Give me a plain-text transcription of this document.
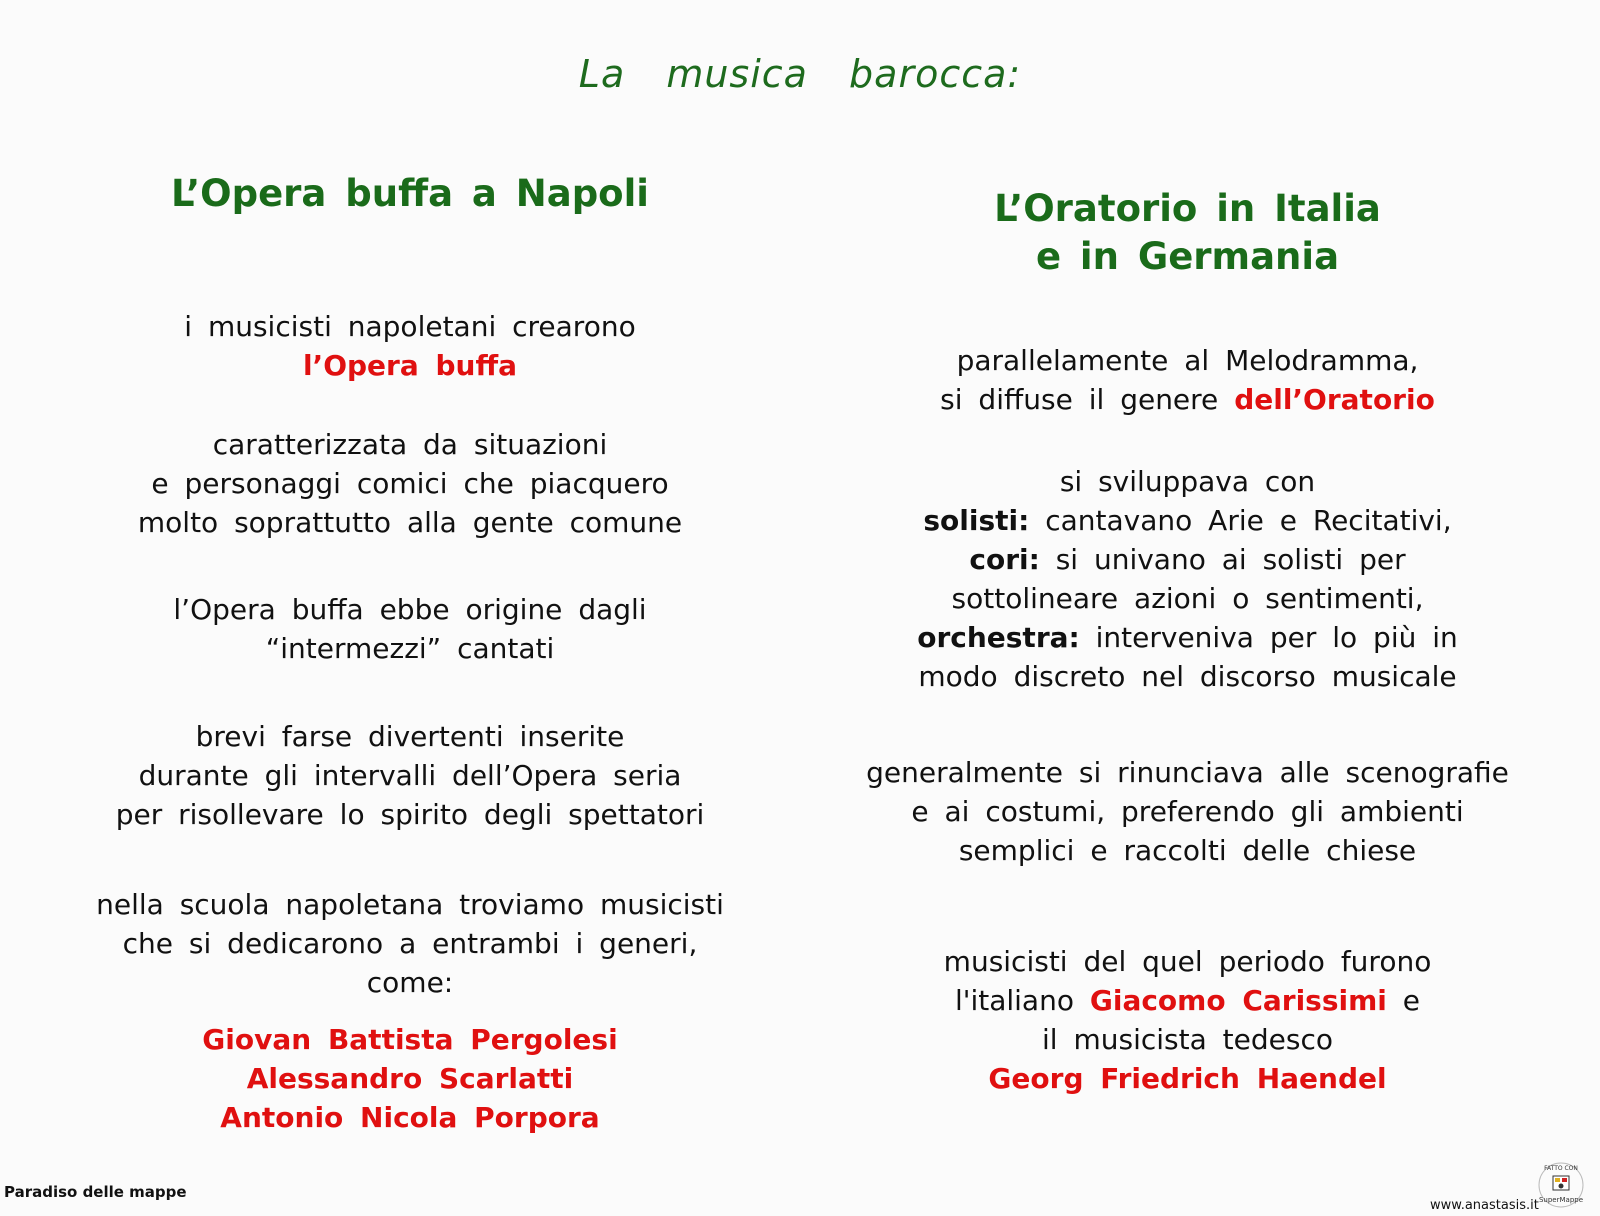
La musica barocca:
L’Opera buffa a Napoli
i musicisti napoletani crearono
l’Opera buffa
caratterizzata da situazioni
e personaggi comici che piacquero
molto soprattutto alla gente comune
l’Opera buffa ebbe origine dagli
“intermezzi” cantati
brevi farse divertenti inserite
durante gli intervalli dell’Opera seria
per risollevare lo spirito degli spettatori
nella scuola napoletana troviamo musicisti
che si dedicarono a entrambi i generi,
come:
Giovan Battista Pergolesi
Alessandro Scarlatti
Antonio Nicola Porpora
L’Oratorio in Italia
e in Germania
parallelamente al Melodramma,
si diffuse il genere dell’Oratorio
si sviluppava con
solisti: cantavano Arie e Recitativi,
cori: si univano ai solisti per
sottolineare azioni o sentimenti,
orchestra: interveniva per lo più in
modo discreto nel discorso musicale
generalmente si rinunciava alle scenografie
e ai costumi, preferendo gli ambienti
semplici e raccolti delle chiese
musicisti del quel periodo furono
l'italiano Giacomo Carissimi e
il musicista tedesco
Georg Friedrich Haendel
Paradiso delle mappe
www.anastasis.it
FATTO CON
SuperMappe
